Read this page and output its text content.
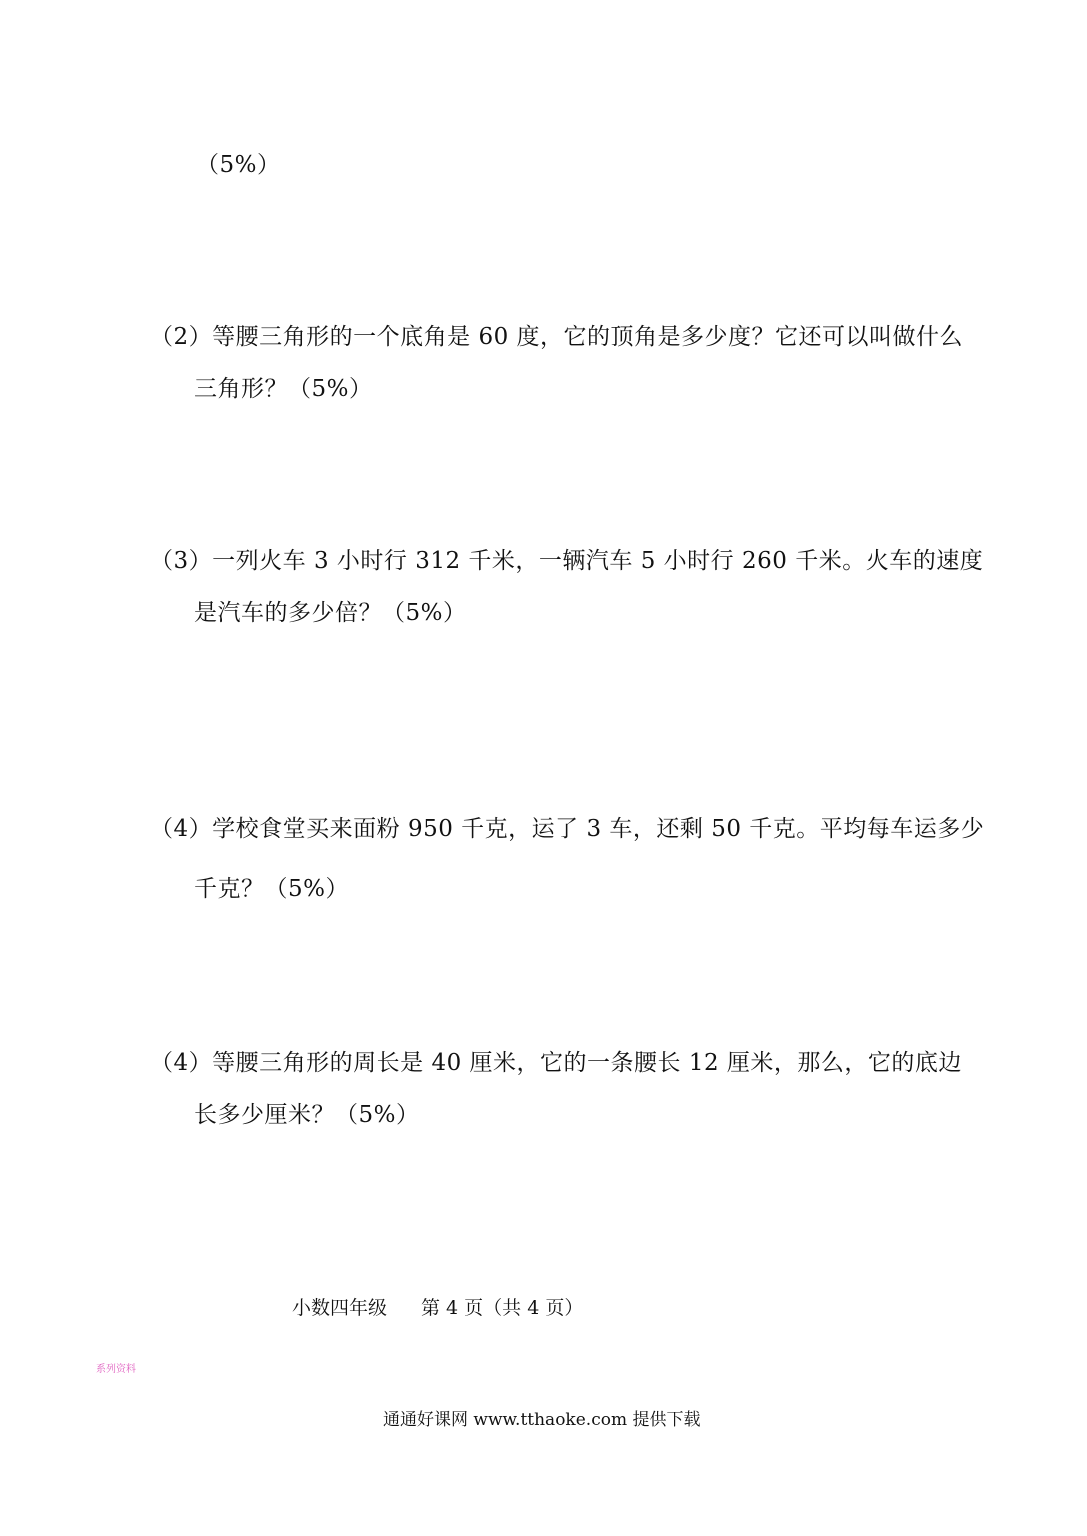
（5%）
（2）等腰三角形的一个底角是 60 度，它的顶角是多少度？它还可以叫做什么
三角形？（5%）
（3）一列火车 3 小时行 312 千米，一辆汽车 5 小时行 260 千米。火车的速度
是汽车的多少倍？（5%）
（4）学校食堂买来面粉 950 千克，运了 3 车，还剩 50 千克。平均每车运多少
千克？（5%）
（4）等腰三角形的周长是 40 厘米，它的一条腰长 12 厘米，那么，它的底边
长多少厘米？（5%）
小数四年级 第 4 页（共 4 页）
系列资料
通通好课网 www.tthaoke.com 提供下载
